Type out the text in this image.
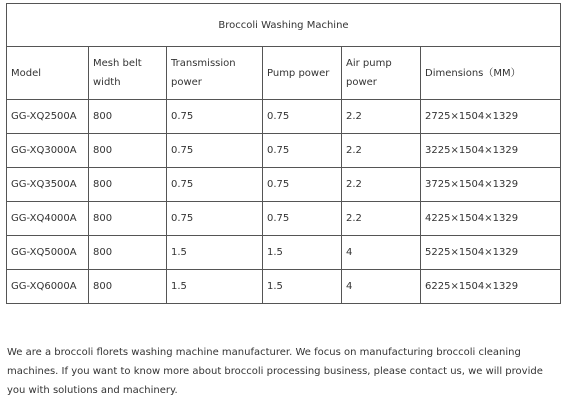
Broccoli Washing Machine					
Model	Mesh belt width	Transmission power	Pump power	Air pump power	Dimensions（MM）
GG-XQ2500A	800	0.75	0.75	2.2	2725×1504×1329
GG-XQ3000A	800	0.75	0.75	2.2	3225×1504×1329
GG-XQ3500A	800	0.75	0.75	2.2	3725×1504×1329
GG-XQ4000A	800	0.75	0.75	2.2	4225×1504×1329
GG-XQ5000A	800	1.5	1.5	4	5225×1504×1329
GG-XQ6000A	800	1.5	1.5	4	6225×1504×1329

We are a broccoli florets washing machine manufacturer. We focus on manufacturing broccoli cleaning machines. If you want to know more about broccoli processing business, please contact us, we will provide you with solutions and machinery.
